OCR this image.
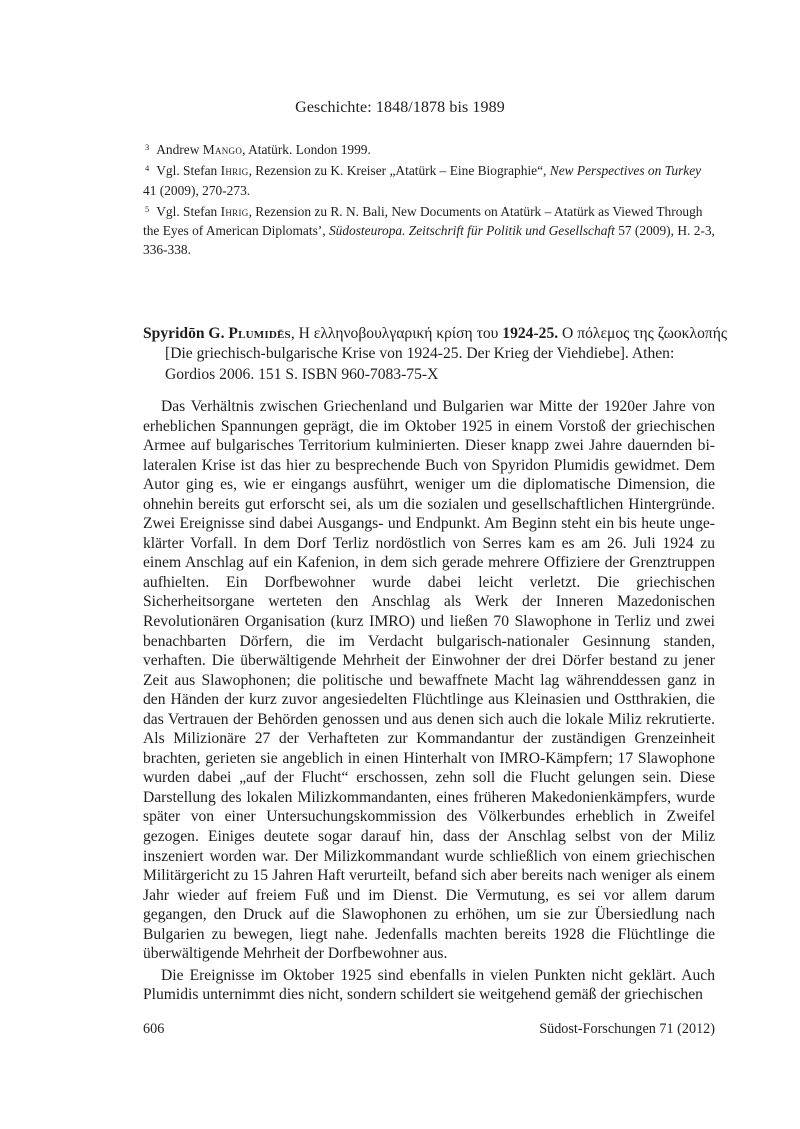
Geschichte: 1848/1878 bis 1989

$^3$ Andrew Mango, Atatürk. London 1999.

$^4$ Vgl. Stefan Ihrig, Rezension zu K. Kreiser „Atatürk – Eine Biographie“, New Perspectives on Turkey 41 (2009), 270-273.

$^5$ Vgl. Stefan Ihrig, Rezension zu R. N. Bali, New Documents on Atatürk – Atatürk as Viewed Through the Eyes of American Diplomats’, Südosteuropa. Zeitschrift für Politik und Gesellschaft 57 (2009), H. 2-3, 336-338.

Spyridōn G. Plumidēs, Η ελληνοβουλγαρική κρίση του 1924-25. Ο πόλεμος της ζωοκλοπής
[Die griechisch-bulgarische Krise von 1924-25. Der Krieg der Viehdiebe]. Athen: Gordios 2006. 151 S. ISBN 960-7083-75-X

Das Verhältnis zwischen Griechenland und Bulgarien war Mitte der 1920er Jahre von erheblichen Spannungen geprägt, die im Oktober 1925 in einem Vorstoß der griechischen Armee auf bulgarisches Territorium kulminierten. Dieser knapp zwei Jahre dauernden bilateralen Krise ist das hier zu besprechende Buch von Spyridon Plumidis gewidmet. Dem Autor ging es, wie er eingangs ausführt, weniger um die diplomatische Dimension, die ohnehin bereits gut erforscht sei, als um die sozialen und gesellschaftlichen Hintergründe. Zwei Ereignisse sind dabei Ausgangs- und Endpunkt. Am Beginn steht ein bis heute ungeklärter Vorfall. In dem Dorf Terliz nordöstlich von Serres kam es am 26. Juli 1924 zu einem Anschlag auf ein Kafenion, in dem sich gerade mehrere Offiziere der Grenztruppen aufhielten. Ein Dorfbewohner wurde dabei leicht verletzt. Die griechischen Sicherheitsorgane werteten den Anschlag als Werk der Inneren Mazedonischen Revolutionären Organisation (kurz IMRO) und ließen 70 Slawophone in Terliz und zwei benachbarten Dörfern, die im Verdacht bulgarisch-nationaler Gesinnung standen, verhaften. Die überwältigende Mehrheit der Einwohner der drei Dörfer bestand zu jener Zeit aus Slawophonen; die politische und bewaffnete Macht lag währenddessen ganz in den Händen der kurz zuvor angesiedelten Flüchtlinge aus Kleinasien und Ostthrakien, die das Vertrauen der Behörden genossen und aus denen sich auch die lokale Miliz rekrutierte. Als Milizionäre 27 der Verhafteten zur Kommandantur der zuständigen Grenzeinheit brachten, gerieten sie angeblich in einen Hinterhalt von IMRO-Kämpfern; 17 Slawophone wurden dabei „auf der Flucht“ erschossen, zehn soll die Flucht gelungen sein. Diese Darstellung des lokalen Milizkommandanten, eines früheren Makedonienkämpfers, wurde später von einer Untersuchungskommission des Völkerbundes erheblich in Zweifel gezogen. Einiges deutete sogar darauf hin, dass der Anschlag selbst von der Miliz inszeniert worden war. Der Milizkommandant wurde schließlich von einem griechischen Militärgericht zu 15 Jahren Haft verurteilt, befand sich aber bereits nach weniger als einem Jahr wieder auf freiem Fuß und im Dienst. Die Vermutung, es sei vor allem darum gegangen, den Druck auf die Slawophonen zu erhöhen, um sie zur Übersiedlung nach Bulgarien zu bewegen, liegt nahe. Jedenfalls machten bereits 1928 die Flüchtlinge die überwältigende Mehrheit der Dorfbewohner aus.

Die Ereignisse im Oktober 1925 sind ebenfalls in vielen Punkten nicht geklärt. Auch Plumidis unternimmt dies nicht, sondern schildert sie weitgehend gemäß der griechischen

606	Südost-Forschungen 71 (2012)
